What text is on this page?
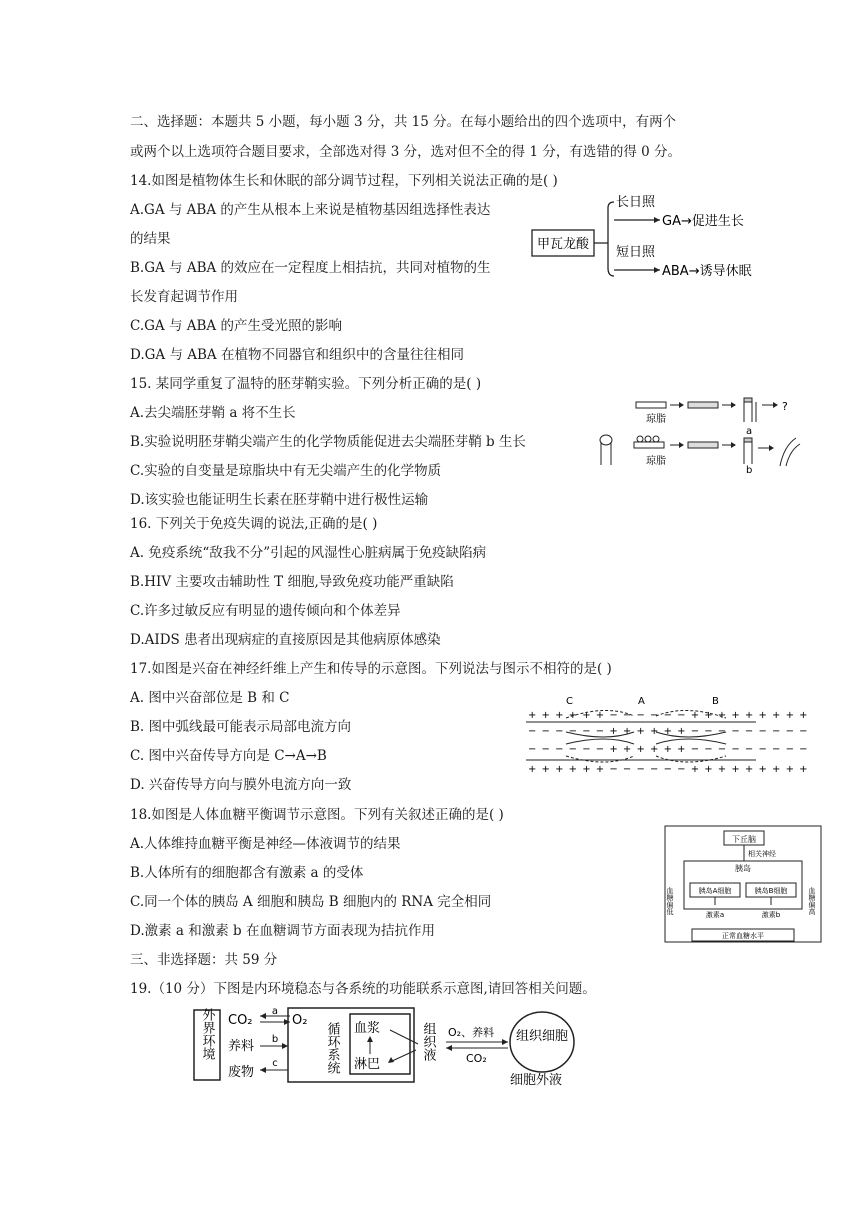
二、选择题：本题共 5 小题，每小题 3 分，共 15 分。在每小题给出的四个选项中，有两个
或两个以上选项符合题目要求，全部选对得 3 分，选对但不全的得 1 分，有选错的得 0 分。
14.如图是植物体生长和休眠的部分调节过程，下列相关说法正确的是( )
A.GA 与 ABA 的产生从根本上来说是植物基因组选择性表达
的结果
B.GA 与 ABA 的效应在一定程度上相拮抗，共同对植物的生
长发育起调节作用
C.GA 与 ABA 的产生受光照的影响
D.GA 与 ABA 在植物不同器官和组织中的含量往往相同
甲瓦龙酸
长日照
GA→促进生长
短日照
ABA→诱导休眠
15. 某同学重复了温特的胚芽鞘实验。下列分析正确的是( )
A.去尖端胚芽鞘 a 将不生长
B.实验说明胚芽鞘尖端产生的化学物质能促进去尖端胚芽鞘 b 生长
C.实验的自变量是琼脂块中有无尖端产生的化学物质
D.该实验也能证明生长素在胚芽鞘中进行极性运输
?
琼脂
a
琼脂
b
16. 下列关于免疫失调的说法,正确的是( )
A. 免疫系统“敌我不分”引起的风湿性心脏病属于免疫缺陷病
B.HIV 主要攻击辅助性 T 细胞,导致免疫功能严重缺陷
C.许多过敏反应有明显的遗传倾向和个体差异
D.AIDS 患者出现病症的直接原因是其他病原体感染
17.如图是兴奋在神经纤维上产生和传导的示意图。下列说法与图示不相符的是( )
A. 图中兴奋部位是 B 和 C
B. 图中弧线最可能表示局部电流方向
C. 图中兴奋传导方向是 C→A→B
D. 兴奋传导方向与膜外电流方向一致
C	A	B
+ + + + + + − − − − − − + + + + + + + + +
− − − − − − + + + + + + − − − − − − − − −
− − − − − − + + + + + + − − − − − − − − −
+ + + + + + − − − − − − + + + + + + + + +
18.如图是人体血糖平衡调节示意图。下列有关叙述正确的是( )
A.人体维持血糖平衡是神经—体液调节的结果
B.人体所有的细胞都含有激素 a 的受体
C.同一个体的胰岛 A 细胞和胰岛 B 细胞内的 RNA 完全相同
D.激素 a 和激素 b 在血糖调节方面表现为拮抗作用
下丘脑
相关神经
胰岛
胰岛A细胞	胰岛B细胞
激素a	激素b
正常血糖水平
血糖偏低	血糖偏高
三、非选择题：共 59 分
19.（10 分）下图是内环境稳态与各系统的功能联系示意图,请回答相关问题。
外界环境 CO₂
a
O₂
养料 b
废物
c	循环系统 血浆
淋巴
组织液 O₂、养料
CO₂
组织细胞
细胞外液
